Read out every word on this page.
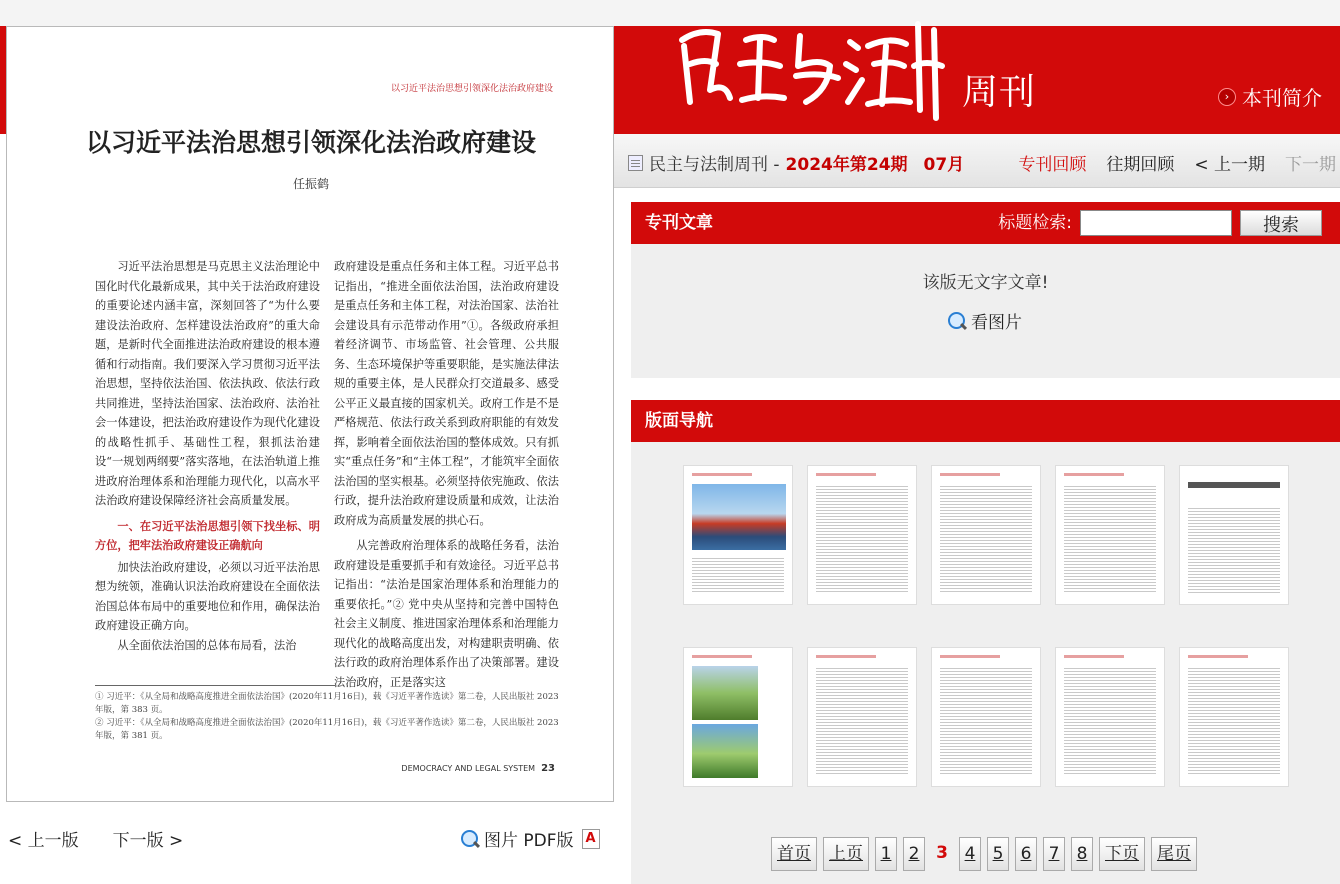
周刊	› 本刊简介
以习近平法治思想引领深化法治政府建设
以习近平法治思想引领深化法治政府建设
任振鹤

习近平法治思想是马克思主义法治理论中国化时代化最新成果，其中关于法治政府建设的重要论述内涵丰富，深刻回答了“为什么要建设法治政府、怎样建设法治政府”的重大命题，是新时代全面推进法治政府建设的根本遵循和行动指南。我们要深入学习贯彻习近平法治思想，坚持依法治国、依法执政、依法行政共同推进，坚持法治国家、法治政府、法治社会一体建设，把法治政府建设作为现代化建设的战略性抓手、基础性工程，狠抓法治建设“一规划两纲要”落实落地，在法治轨道上推进政府治理体系和治理能力现代化，以高水平法治政府建设保障经济社会高质量发展。

一、在习近平法治思想引领下找坐标、明方位，把牢法治政府建设正确航向

加快法治政府建设，必须以习近平法治思想为统领，准确认识法治政府建设在全面依法治国总体布局中的重要地位和作用，确保法治政府建设正确方向。

从全面依法治国的总体布局看，法治

政府建设是重点任务和主体工程。习近平总书记指出，“推进全面依法治国，法治政府建设是重点任务和主体工程，对法治国家、法治社会建设具有示范带动作用”①。各级政府承担着经济调节、市场监管、社会管理、公共服务、生态环境保护等重要职能，是实施法律法规的重要主体，是人民群众打交道最多、感受公平正义最直接的国家机关。政府工作是不是严格规范、依法行政关系到政府职能的有效发挥，影响着全面依法治国的整体成效。只有抓实“重点任务”和“主体工程”，才能筑牢全面依法治国的坚实根基。必须坚持依宪施政、依法行政，提升法治政府建设质量和成效，让法治政府成为高质量发展的拱心石。

从完善政府治理体系的战略任务看，法治政府建设是重要抓手和有效途径。习近平总书记指出：“法治是国家治理体系和治理能力的重要依托。”② 党中央从坚持和完善中国特色社会主义制度、推进国家治理体系和治理能力现代化的战略高度出发，对构建职责明确、依法行政的政府治理体系作出了决策部署。建设法治政府，正是落实这

① 习近平：《从全局和战略高度推进全面依法治国》(2020年11月16日)，载《习近平著作选读》第二卷，人民出版社 2023 年版，第 383 页。
② 习近平：《从全局和战略高度推进全面依法治国》(2020年11月16日)，载《习近平著作选读》第二卷，人民出版社 2023 年版，第 381 页。
DEMOCRACY AND LEGAL SYSTEM 23
< 上一版 下一版 >	图片 PDF版
A
民主与法制周刊 - 2024年第24期 07月	专刊回顾 往期回顾 < 上一期 下一期
专刊文章	标题检索:	搜索
该版无文字文章!
看图片
版面导航
首页	上页	1	2 3 4	5	6	7	8	下页	尾页
